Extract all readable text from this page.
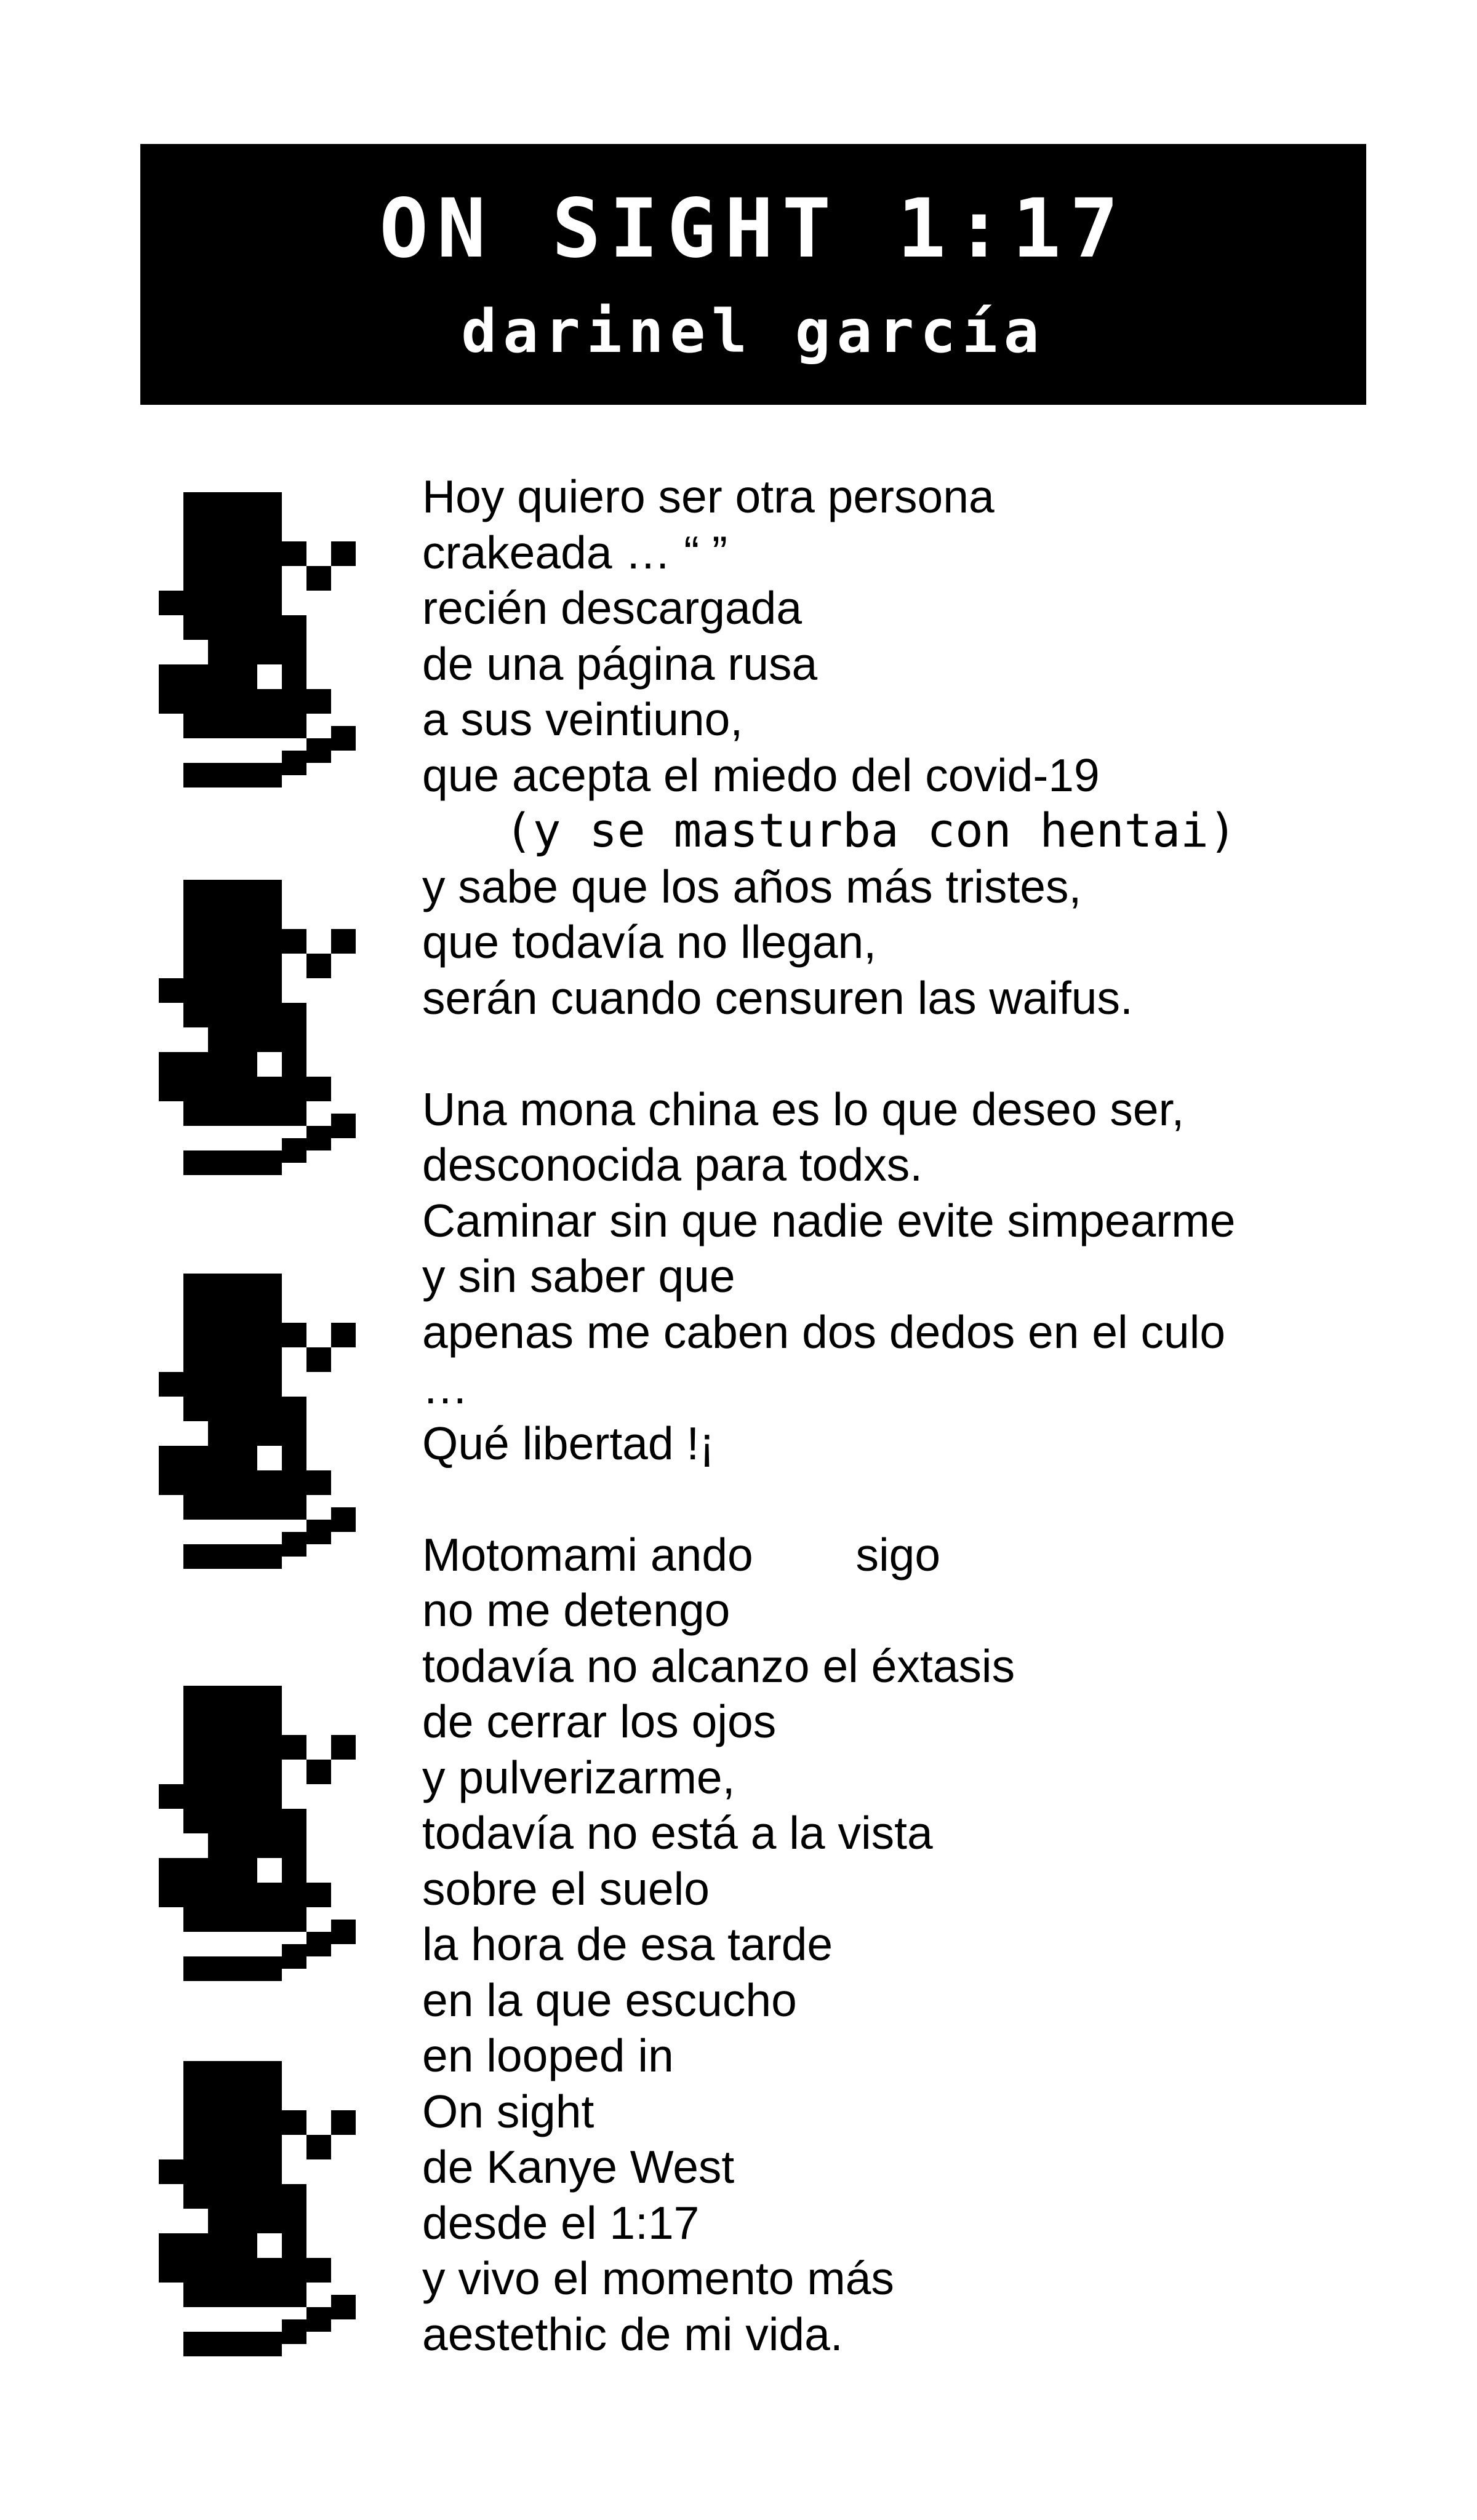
ON SIGHT 1:17
darinel garcía
Hoy quiero ser otra persona
crakeada … “ ”
recién descargada
de una página rusa
a sus veintiuno,
que acepta el miedo del covid-19
(y se masturba con hentai)
y sabe que los años más tristes,
que todavía no llegan,
serán cuando censuren las waifus.
Una mona china es lo que deseo ser,
desconocida para todxs.
Caminar sin que nadie evite simpearme
y sin saber que
apenas me caben dos dedos en el culo
…
Qué libertad !¡
Motomami ando        sigo
no me detengo
todavía no alcanzo el éxtasis
de cerrar los ojos
y pulverizarme,
todavía no está a la vista
sobre el suelo
la hora de esa tarde
en la que escucho
en looped in
On sight
de Kanye West
desde el 1:17
y vivo el momento más
aestethic de mi vida.
